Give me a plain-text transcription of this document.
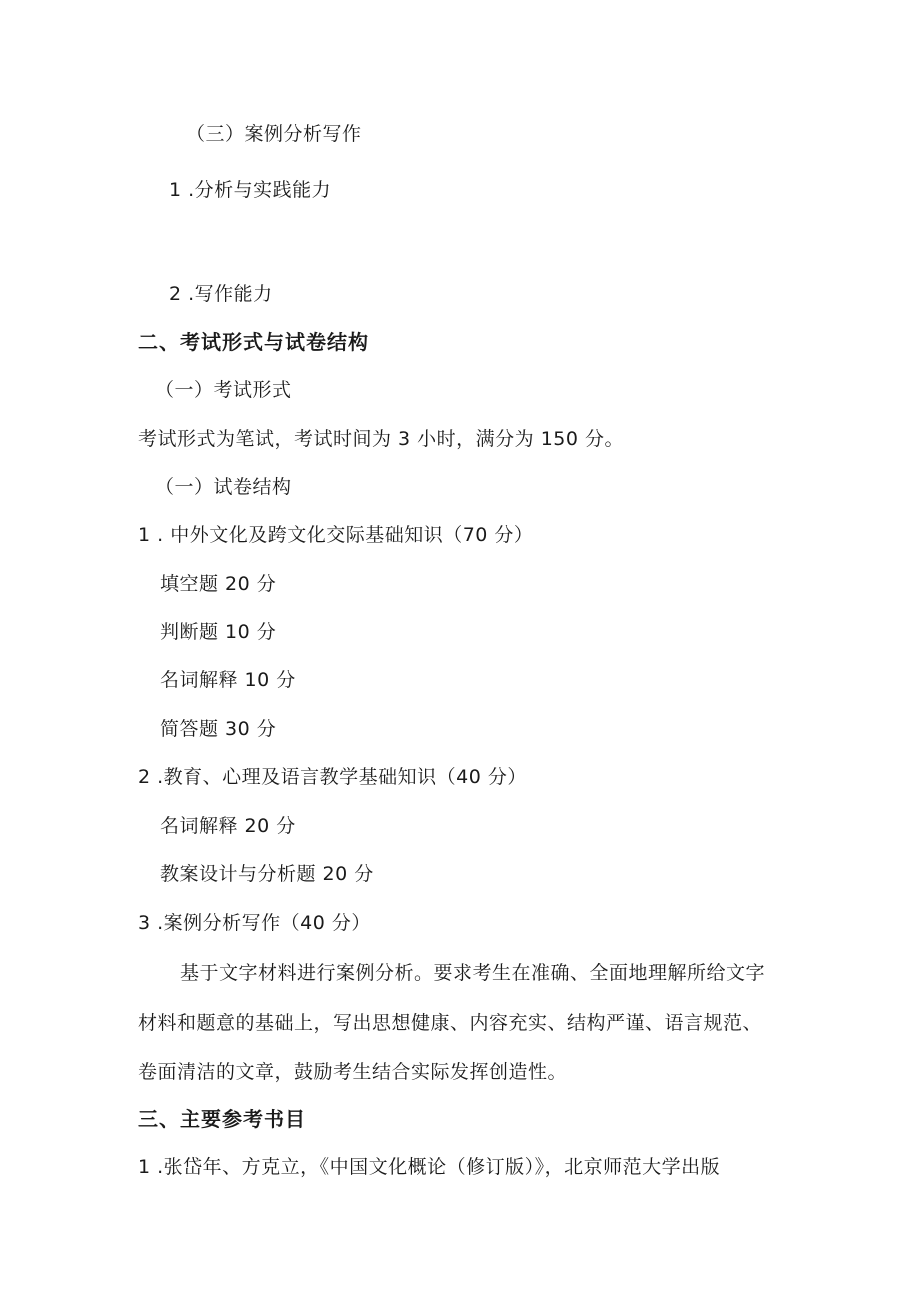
（三）案例分析写作
1 .分析与实践能力
2 .写作能力
二、考试形式与试卷结构
（一）考试形式
考试形式为笔试，考试时间为 3 小时，满分为 150 分。
（一）试卷结构
1 . 中外文化及跨文化交际基础知识（70 分）
填空题 20 分
判断题 10 分
名词解释 10 分
简答题 30 分
2 .教育、心理及语言教学基础知识（40 分）
名词解释 20 分
教案设计与分析题 20 分
3 .案例分析写作（40 分）
基于文字材料进行案例分析。要求考生在准确、全面地理解所给文字
材料和题意的基础上，写出思想健康、内容充实、结构严谨、语言规范、
卷面清洁的文章，鼓励考生结合实际发挥创造性。
三、主要参考书目
1 .张岱年、方克立，《中国文化概论（修订版）》，北京师范大学出版
